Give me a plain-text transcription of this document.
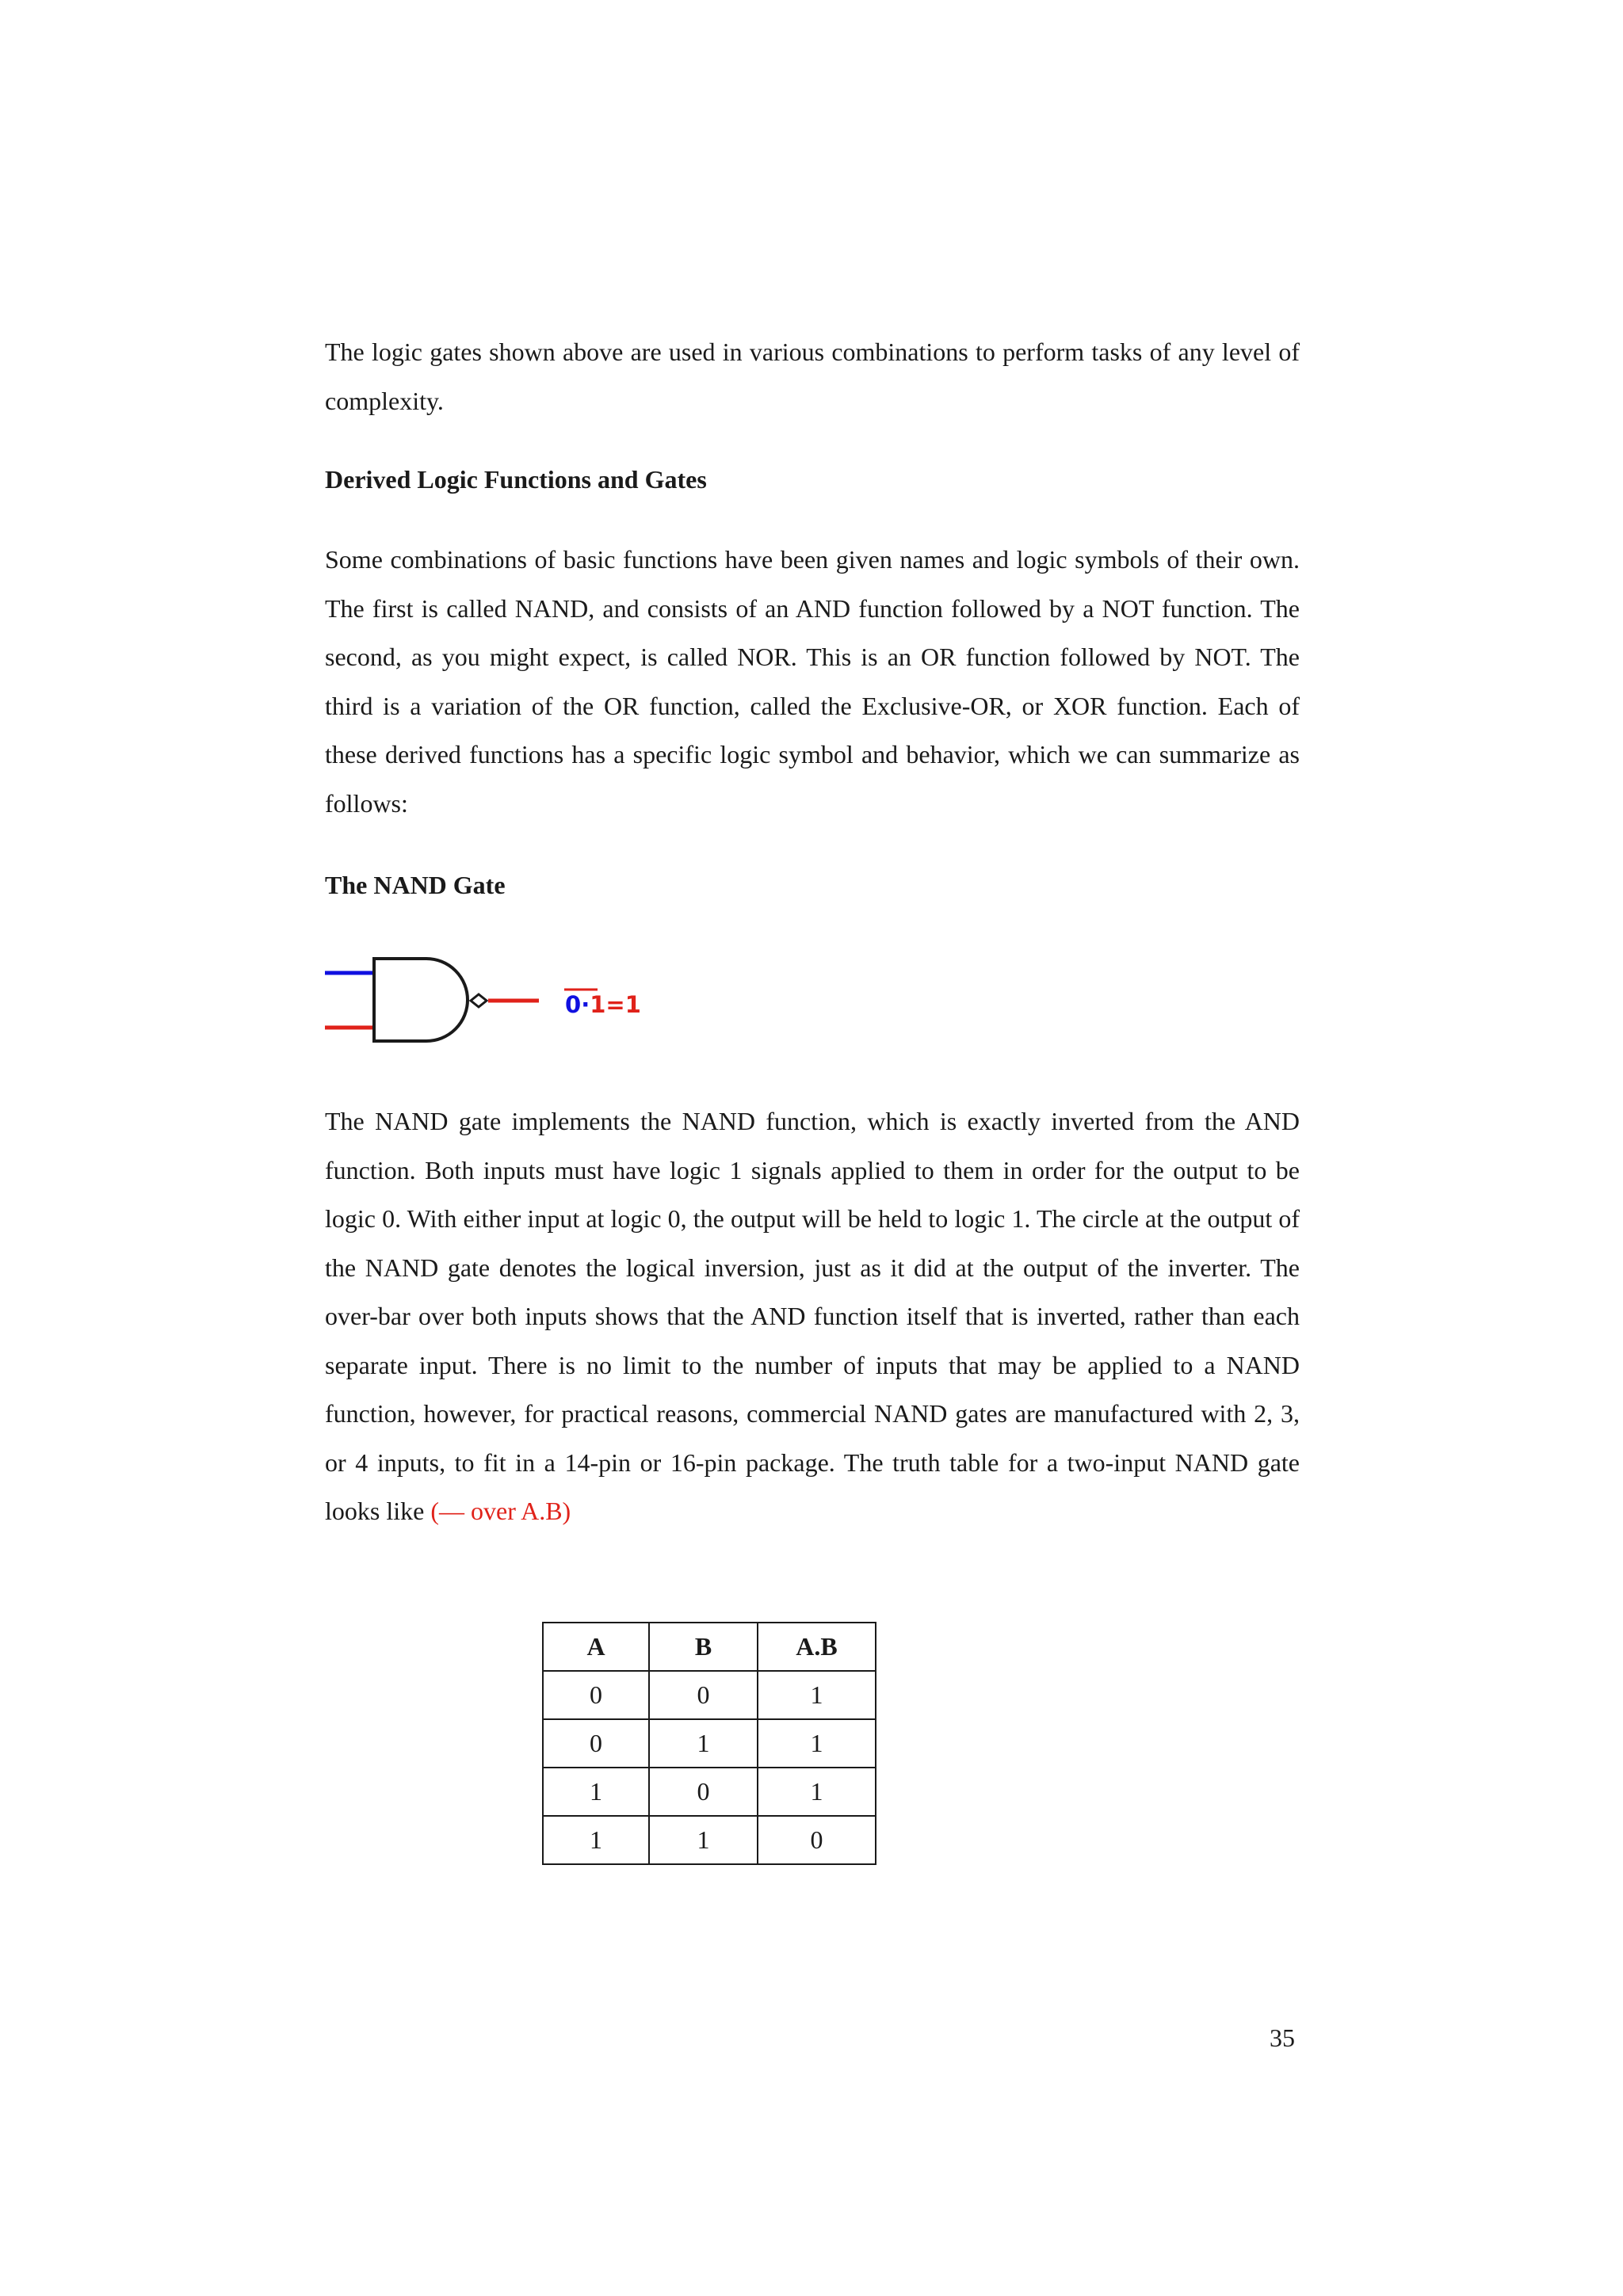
The logic gates shown above are used in various combinations to perform tasks of any level of complexity.

Derived Logic Functions and Gates

Some combinations of basic functions have been given names and logic symbols of their own. The first is called NAND, and consists of an AND function followed by a NOT function. The second, as you might expect, is called NOR. This is an OR function followed by NOT. The third is a variation of the OR function, called the Exclusive-OR, or XOR function. Each of these derived functions has a specific logic symbol and behavior, which we can summarize as follows:

The NAND Gate
0·1=1

The NAND gate implements the NAND function, which is exactly inverted from the AND function. Both inputs must have logic 1 signals applied to them in order for the output to be logic 0. With either input at logic 0, the output will be held to logic 1. The circle at the output of the NAND gate denotes the logical inversion, just as it did at the output of the inverter. The over-bar over both inputs shows that the AND function itself that is inverted, rather than each separate input. There is no limit to the number of inputs that may be applied to a NAND function, however, for practical reasons, commercial NAND gates are manufactured with 2, 3, or 4 inputs, to fit in a 14-pin or 16-pin package. The truth table for a two-input NAND gate looks like (— over A.B)

A	B	A.B
0	0	1
0	1	1
1	0	1
1	1	0
35
